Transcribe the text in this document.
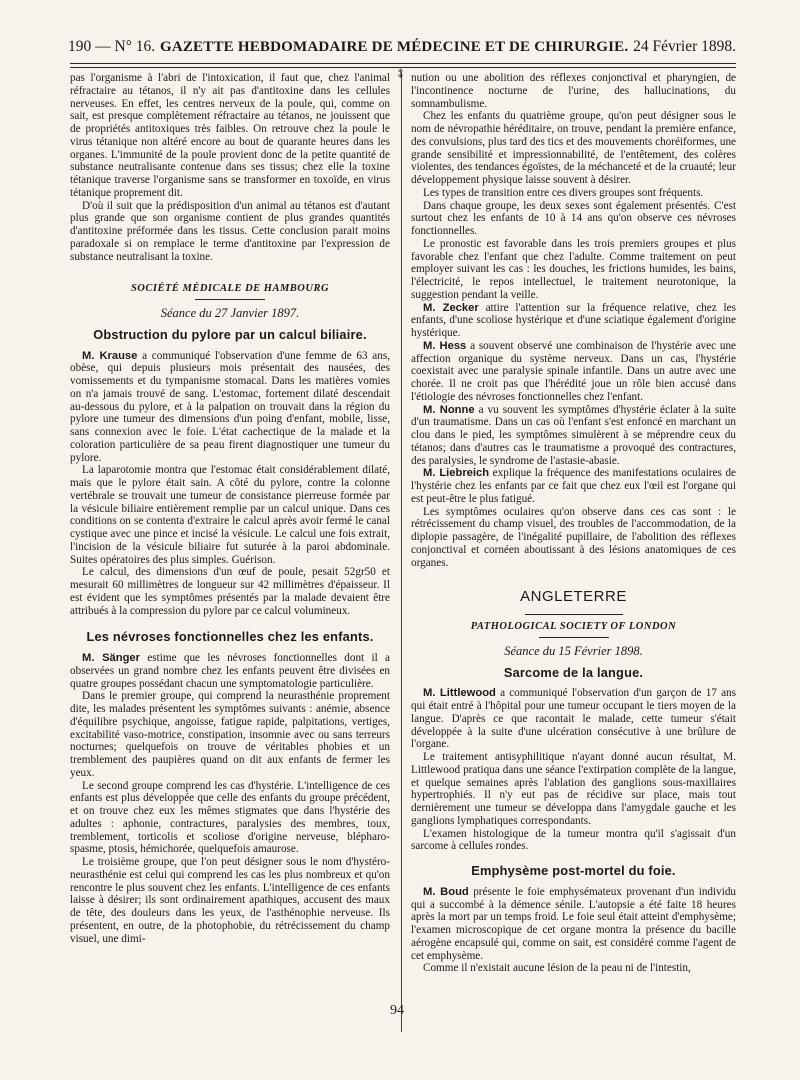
190 — N° 16. GAZETTE HEBDOMADAIRE DE MÉDECINE ET DE CHIRURGIE. 24 Février 1898.
⁑

pas l'organisme à l'abri de l'intoxication, il faut que, chez l'animal réfractaire au tétanos, il n'y ait pas d'antitoxine dans les cellules nerveuses. En effet, les centres nerveux de la poule, qui, comme on sait, est presque complètement réfractaire au tétanos, ne jouissent que de propriétés antitoxiques très faibles. On retrouve chez la poule le virus tétanique non altéré encore au bout de quarante heures dans les organes. L'immunité de la poule provient donc de la petite quantité de substance neutralisante contenue dans ses tissus; chez elle la toxine tétanique traverse l'organisme sans se transformer en toxoïde, en virus tétanique proprement dit.

D'où il suit que la prédisposition d'un animal au tétanos est d'autant plus grande que son organisme contient de plus grandes quantités d'antitoxine préformée dans les tissus. Cette conclusion parait moins paradoxale si on remplace le terme d'antitoxine par l'expression de substance neutralisant la toxine.

SOCIÉTÉ MÉDICALE DE HAMBOURG
Séance du 27 Janvier 1897.
Obstruction du pylore par un calcul biliaire.

M. Krause a communiqué l'observation d'une femme de 63 ans, obèse, qui depuis plusieurs mois présentait des nausées, des vomissements et du tympanisme stomacal. Dans les matières vomies on n'a jamais trouvé de sang. L'estomac, fortement dilaté descendait au-dessous du pylore, et à la palpation on trouvait dans la région du pylore une tumeur des dimensions d'un poing d'enfant, mobile, lisse, sans connexion avec le foie. L'état cachectique de la malade et la coloration particulière de sa peau firent diagnostiquer une tumeur du pylore.

La laparotomie montra que l'estomac était considérablement dilaté, mais que le pylore était sain. A côté du pylore, contre la colonne vertébrale se trouvait une tumeur de consistance pierreuse formée par la vésicule biliaire entièrement remplie par un calcul unique. Dans ces conditions on se contenta d'extraire le calcul après avoir fermé le canal cystique avec une pince et incisé la vésicule. Le calcul une fois extrait, l'incision de la vésicule biliaire fut suturée à la paroi abdominale. Suites opératoires des plus simples. Guérison.

Le calcul, des dimensions d'un œuf de poule, pesait 52gr50 et mesurait 60 millimètres de longueur sur 42 millimètres d'épaisseur. Il est évident que les symptômes présentés par la malade devaient être attribués à la compression du pylore par ce calcul volumineux.

Les névroses fonctionnelles chez les enfants.

M. Sänger estime que les névroses fonctionnelles dont il a observées un grand nombre chez les enfants peuvent être divisées en quatre groupes possédant chacun une symptomatologie particulière.

Dans le premier groupe, qui comprend la neurasthénie proprement dite, les malades présentent les symptômes suivants : anémie, absence d'équilibre psychique, angoisse, fatigue rapide, palpitations, vertiges, excitabilité vaso-motrice, constipation, insomnie avec ou sans terreurs nocturnes; quelquefois on trouve de véritables phobies et un tremblement des paupières quand on dit aux enfants de fermer les yeux.

Le second groupe comprend les cas d'hystérie. L'intelligence de ces enfants est plus développée que celle des enfants du groupe précédent, et on trouve chez eux les mêmes stigmates que dans l'hystérie des adultes : aphonie, contractures, paralysies des membres, toux, tremblement, torticolis et scoliose d'origine nerveuse, blépharo-spasme, ptosis, hémichorée, quelquefois amaurose.

Le troisième groupe, que l'on peut désigner sous le nom d'hystéro-neurasthénie est celui qui comprend les cas les plus nombreux et qu'on rencontre le plus souvent chez les enfants. L'intelligence de ces enfants laisse à désirer; ils sont ordinairement apathiques, accusent des maux de tête, des douleurs dans les yeux, de l'asthénophie nerveuse. Ils présentent, en outre, de la photophobie, du rétrécissement du champ visuel, une dimi-

nution ou une abolition des réflexes conjonctival et pharyngien, de l'incontinence nocturne de l'urine, des hallucinations, du somnambulisme.

Chez les enfants du quatrième groupe, qu'on peut désigner sous le nom de névropathie héréditaire, on trouve, pendant la première enfance, des convulsions, plus tard des tics et des mouvements choréiformes, une grande sensibilité et impressionnabilité, de l'entêtement, des colères violentes, des tendances égoïstes, de la méchanceté et de la cruauté; leur développement physique laisse souvent à désirer.

Les types de transition entre ces divers groupes sont fréquents.

Dans chaque groupe, les deux sexes sont également présentés. C'est surtout chez les enfants de 10 à 14 ans qu'on observe ces névroses fonctionnelles.

Le pronostic est favorable dans les trois premiers groupes et plus favorable chez l'enfant que chez l'adulte. Comme traitement on peut employer suivant les cas : les douches, les frictions humides, les bains, l'électricité, le repos intellectuel, le traitement neurotonique, la suggestion pendant la veille.

M. Zecker attire l'attention sur la fréquence relative, chez les enfants, d'une scoliose hystérique et d'une sciatique également d'origine hystérique.

M. Hess a souvent observé une combinaison de l'hystérie avec une affection organique du système nerveux. Dans un cas, l'hystérie coexistait avec une paralysie spinale infantile. Dans un autre avec une chorée. Il ne croit pas que l'hérédité joue un rôle bien accusé dans l'étiologie des névroses fonctionnelles chez l'enfant.

M. Nonne a vu souvent les symptômes d'hystérie éclater à la suite d'un traumatisme. Dans un cas où l'enfant s'est enfoncé en marchant un clou dans le pied, les symptômes simulèrent à se méprendre ceux du tétanos; dans d'autres cas le traumatisme a provoqué des contractures, des paralysies, le syndrome de l'astasie-abasie.

M. Liebreich explique la fréquence des manifestations oculaires de l'hystérie chez les enfants par ce fait que chez eux l'œil est l'organe qui est peut-être le plus fatigué.

Les symptômes oculaires qu'on observe dans ces cas sont : le rétrécissement du champ visuel, des troubles de l'accommodation, de la diplopie passagère, de l'inégalité pupillaire, de l'abolition des réflexes conjonctival et cornéen aboutissant à des lésions anatomiques de ces organes.

ANGLETERRE
PATHOLOGICAL SOCIETY OF LONDON
Séance du 15 Février 1898.
Sarcome de la langue.

M. Littlewood a communiqué l'observation d'un garçon de 17 ans qui était entré à l'hôpital pour une tumeur occupant le tiers moyen de la langue. D'après ce que racontait le malade, cette tumeur s'était développée à la suite d'une ulcération consécutive à une brûlure de l'organe.

Le traitement antisyphilitique n'ayant donné aucun résultat, M. Littlewood pratiqua dans une séance l'extirpation complète de la langue, et quelque semaines après l'ablation des ganglions sous-maxillaires hypertrophiés. Il n'y eut pas de récidive sur place, mais tout dernièrement une tumeur se développa dans l'amygdale gauche et les ganglions lymphatiques correspondants.

L'examen histologique de la tumeur montra qu'il s'agissait d'un sarcome à cellules rondes.

Emphysème post-mortel du foie.

M. Boud présente le foie emphysémateux provenant d'un individu qui a succombé à la démence sénile. L'autopsie a été faite 18 heures après la mort par un temps froid. Le foie seul était atteint d'emphysème; l'examen microscopique de cet organe montra la présence du bacille aérogène encapsulé qui, comme on sait, est considéré comme l'agent de cet emphysème.

Comme il n'existait aucune lésion de la peau ni de l'intestin,

94
